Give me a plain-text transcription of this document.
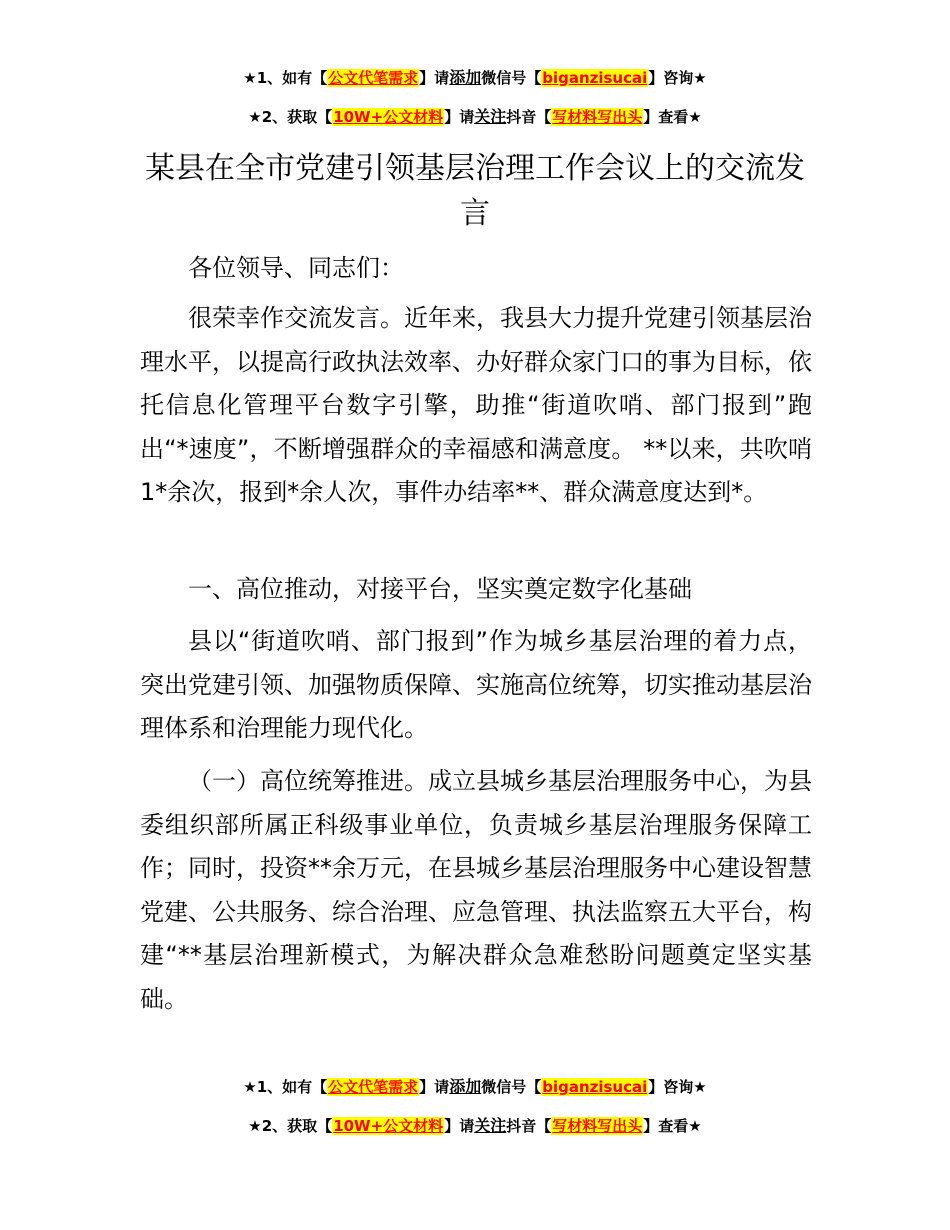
★1、如有【公文代笔需求】请添加微信号【biganzisucai】咨询★
★2、获取【10W+公文材料】请关注抖音【写材料写出头】查看★
某县在全市党建引领基层治理工作会议上的交流发言

各位领导、同志们：

很荣幸作交流发言。近年来，我县大力提升党建引领基层治理水平，以提高行政执法效率、办好群众家门口的事为目标，依托信息化管理平台数字引擎，助推“街道吹哨、部门报到”跑出“*速度”，不断增强群众的幸福感和满意度。 **以来，共吹哨 1*余次，报到*余人次，事件办结率**、群众满意度达到*。

一、高位推动，对接平台，坚实奠定数字化基础

县以“街道吹哨、部门报到”作为城乡基层治理的着力点，突出党建引领、加强物质保障、实施高位统筹，切实推动基层治理体系和治理能力现代化。

（一）高位统筹推进。成立县城乡基层治理服务中心，为县委组织部所属正科级事业单位，负责城乡基层治理服务保障工作；同时，投资**余万元，在县城乡基层治理服务中心建设智慧党建、公共服务、综合治理、应急管理、执法监察五大平台，构建“**基层治理新模式，为解决群众急难愁盼问题奠定坚实基础。

★1、如有【公文代笔需求】请添加微信号【biganzisucai】咨询★
★2、获取【10W+公文材料】请关注抖音【写材料写出头】查看★
